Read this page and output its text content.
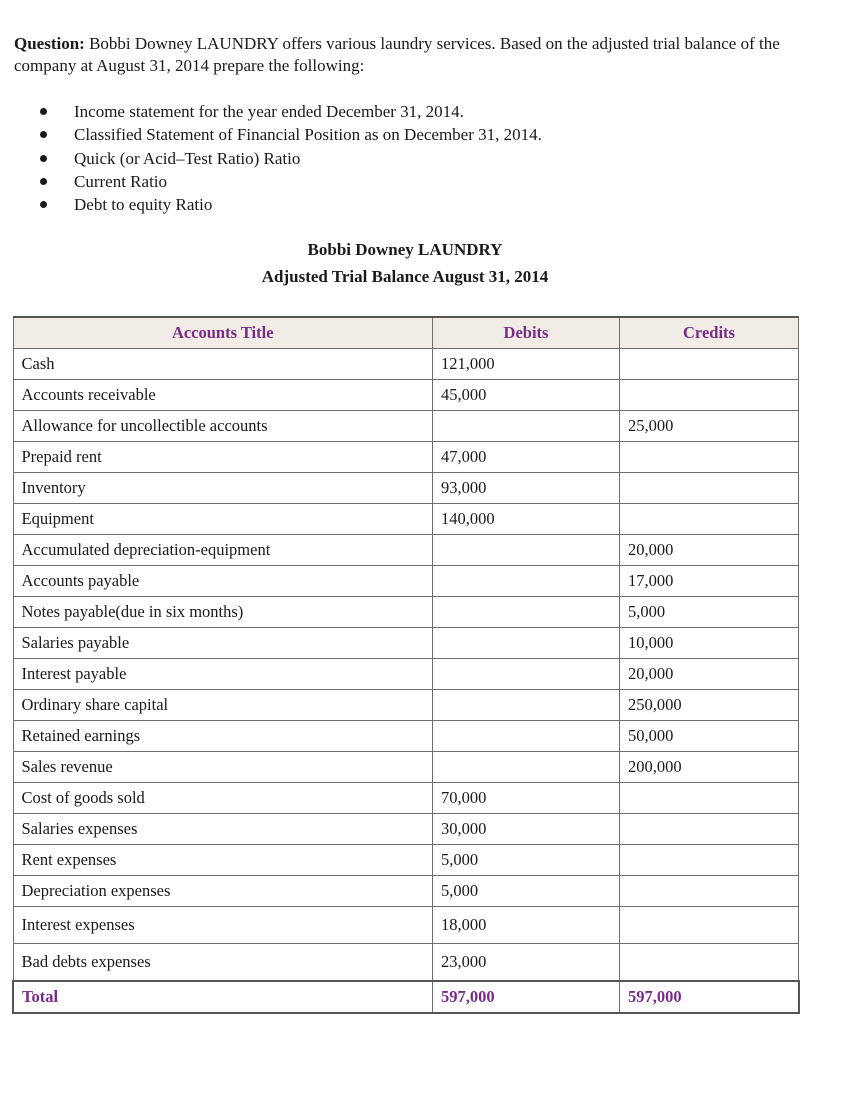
Question: Bobbi Downey LAUNDRY offers various laundry services. Based on the adjusted trial balance of the company at August 31, 2014 prepare the following:
Income statement for the year ended December 31, 2014.
Classified Statement of Financial Position as on December 31, 2014.
Quick (or Acid–Test Ratio) Ratio
Current Ratio
Debt to equity Ratio
Bobbi Downey LAUNDRY
Adjusted Trial Balance August 31, 2014
Accounts Title	Debits	Credits
Cash	121,000	
Accounts receivable	45,000	
Allowance for uncollectible accounts		25,000
Prepaid rent	47,000	
Inventory	93,000	
Equipment	140,000	
Accumulated depreciation-equipment		20,000
Accounts payable		17,000
Notes payable(due in six months)		5,000
Salaries payable		10,000
Interest payable		20,000
Ordinary share capital		250,000
Retained earnings		50,000
Sales revenue		200,000
Cost of goods sold	70,000	
Salaries expenses	30,000	
Rent expenses	5,000	
Depreciation expenses	5,000	
Interest expenses	18,000	
Bad debts expenses	23,000	
Total	597,000	597,000
